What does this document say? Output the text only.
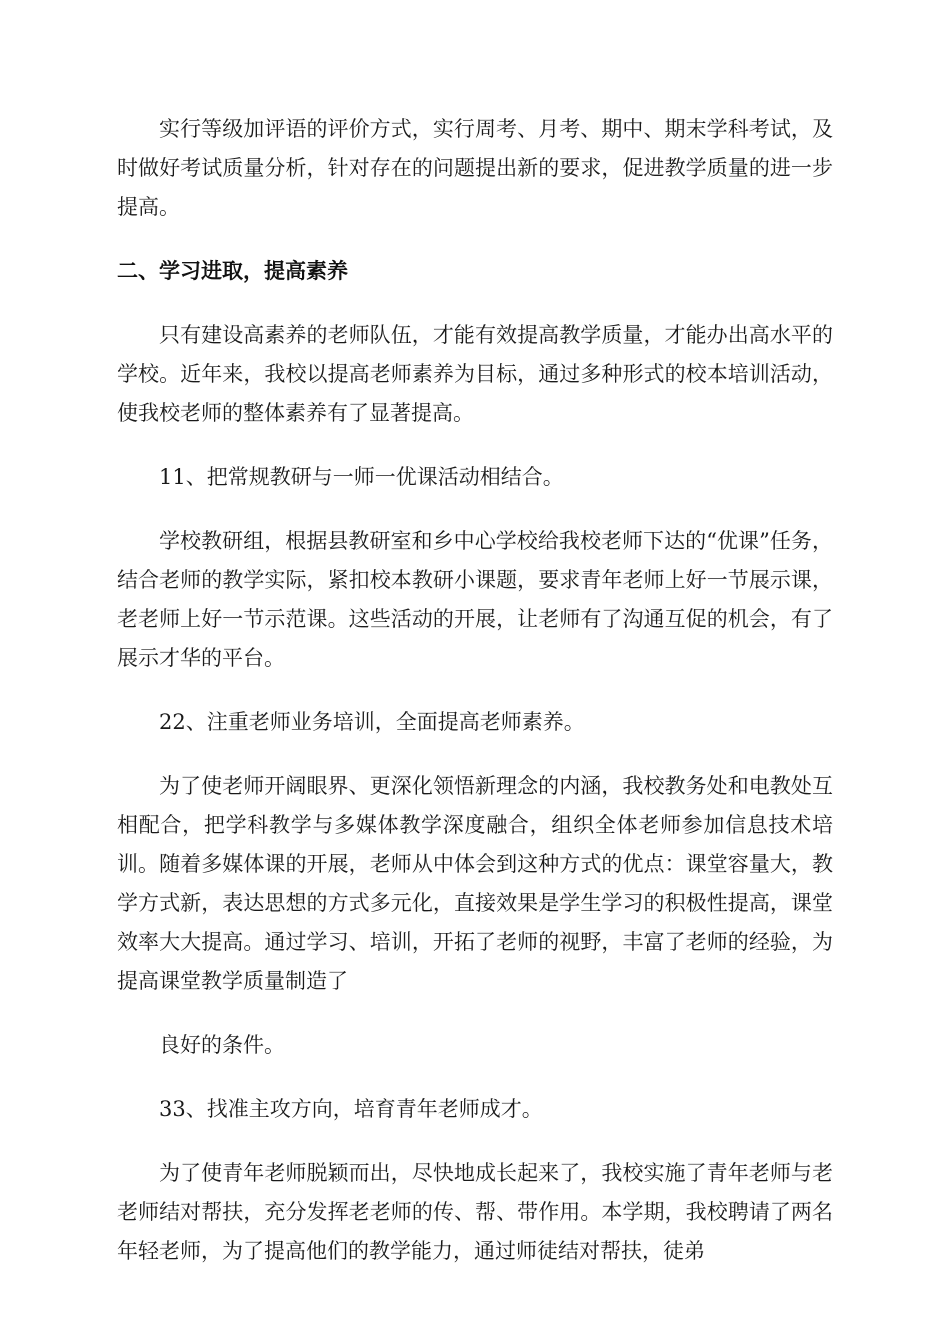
实行等级加评语的评价方式，实行周考、月考、期中、期末学科考试，及时做好考试质量分析，针对存在的问题提出新的要求，促进教学质量的进一步提高。

二、学习进取，提高素养

只有建设高素养的老师队伍，才能有效提高教学质量，才能办出高水平的学校。近年来，我校以提高老师素养为目标，通过多种形式的校本培训活动，使我校老师的整体素养有了显著提高。

11、把常规教研与一师一优课活动相结合。

学校教研组，根据县教研室和乡中心学校给我校老师下达的“优课”任务，结合老师的教学实际，紧扣校本教研小课题，要求青年老师上好一节展示课，老老师上好一节示范课。这些活动的开展，让老师有了沟通互促的机会，有了展示才华的平台。

22、注重老师业务培训，全面提高老师素养。

为了使老师开阔眼界、更深化领悟新理念的内涵，我校教务处和电教处互相配合，把学科教学与多媒体教学深度融合，组织全体老师参加信息技术培训。随着多媒体课的开展，老师从中体会到这种方式的优点：课堂容量大，教学方式新，表达思想的方式多元化，直接效果是学生学习的积极性提高，课堂效率大大提高。通过学习、培训，开拓了老师的视野，丰富了老师的经验，为提高课堂教学质量制造了

良好的条件。

33、找准主攻方向，培育青年老师成才。

为了使青年老师脱颖而出，尽快地成长起来了，我校实施了青年老师与老老师结对帮扶，充分发挥老老师的传、帮、带作用。本学期，我校聘请了两名年轻老师，为了提高他们的教学能力，通过师徒结对帮扶，徒弟
